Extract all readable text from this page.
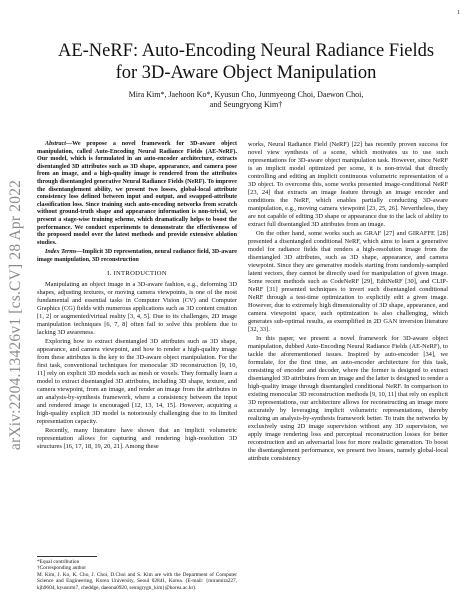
1
arXiv:2204.13426v1 [cs.CV] 28 Apr 2022
AE-NeRF: Auto-Encoding Neural Radiance Fields
for 3D-Aware Object Manipulation
Mira Kim*, Jaehoon Ko*, Kyusun Cho, Junmyeong Choi, Daewon Choi,
and Seungryong Kim†

Abstract—We propose a novel framework for 3D-aware object manipulation, called Auto-Encoding Neural Radiance Fields (AE-NeRF). Our model, which is formulated in an auto-encoder architecture, extracts disentangled 3D attributes such as 3D shape, appearance, and camera pose from an image, and a high-quality image is rendered from the attributes through disentangled generative Neural Radiance Fields (NeRF). To improve the disentanglement ability, we present two losses, global-local attribute consistency loss defined between input and output, and swapped-attribute classification loss. Since training such auto-encoding networks from scratch without ground-truth shape and appearance information is non-trivial, we present a stage-wise training scheme, which dramatically helps to boost the performance. We conduct experiments to demonstrate the effectiveness of the proposed model over the latest methods and provide extensive ablation studies.

Index Terms—Implicit 3D representation, neural radiance field, 3D-aware image manipulation, 3D reconstruction

I. INTRODUCTION

Manipulating an object image in a 3D-aware fashion, e.g., deforming 3D shapes, adjusting textures, or moving camera viewpoints, is one of the most fundamental and essential tasks in Computer Vision (CV) and Computer Graphics (CG) fields with numerous applications such as 3D content creation [1, 2] or augmented/virtual reality [3, 4, 5]. Due to its challenges, 2D image manipulation techniques [6, 7, 8] often fail to solve this problem due to lacking 3D awareness.

Exploring how to extract disentangled 3D attributes such as 3D shape, appearance, and camera viewpoint, and how to render a high-quality image from these attributes is the key to the 3D-aware object manipulation. For the first task, conventional techniques for monocular 3D reconstruction [9, 10, 11] rely on explicit 3D models such as mesh or voxels. They formally learn a model to extract disentangled 3D attributes, including 3D shape, texture, and camera viewpoint, from an image, and render an image from the attributes in an analysis-by-synthesis framework, where a consistency between the input and rendered image is encouraged [12, 13, 14, 15]. However, acquiring a high-quality explicit 3D model is notoriously challenging due to its limited representation capacity.

Recently, many literature have shown that an implicit volumetric representation allows for capturing and rendering high-resolution 3D structures [16, 17, 18, 19, 20, 21]. Among these

works, Neural Radiance Field (NeRF) [22] has recently proven success for novel view synthesis of a scene, which motivates us to use such representations for 3D-aware object manipulation task. However, since NeRF is an implicit model optimized per scene, it is non-trivial that directly controlling and editing an implicit continuous volumetric representation of a 3D object. To overcome this, some works presented image-conditional NeRF [23, 24] that extracts an image feature through an image encoder and conditions the NeRF, which enables partially conducting 3D-aware manipulation, e.g., moving camera viewpoint [23, 25, 26]. Nevertheless, they are not capable of editing 3D shape or appearance due to the lack of ability to extract full disentangled 3D attributes from an image.

On the other hand, some works such as GRAF [27] and GIRAFFE [28] presented a disentangled conditional NeRF, which aims to learn a generative model for radiance fields that renders a high-resolution image from the disentangled 3D attributes, such as 3D shape, appearance, and camera viewpoint. Since they are generative models starting from randomly-sampled latent vectors, they cannot be directly used for manipulation of given image. Some recent methods such as CodeNeRF [29], EditNeRF [30], and CLIP-NeRF [31] presented techniques to invert such disentangled conditional NeRF through a test-time optimization to explicitly edit a given image. However, due to extremely high dimensionality of 3D shape, appearance, and camera viewpoint space, such optimization is also challenging, which generates sub-optimal results, as exemplified in 2D GAN inversion literature [32, 33].

In this paper, we present a novel framework for 3D-aware object manipulation, dubbed Auto-Encoding Neural Radiance Fields (AE-NeRF), to tackle the aforementioned issues. Inspired by auto-encoder [34], we formulate, for the first time, an auto-encoder architecture for this task, consisting of encoder and decoder, where the former is designed to extract disentangled 3D attributes from an image and the latter is designed to render a high-quality image through disentangled conditional NeRF. In comparison to existing monocular 3D reconstruction methods [9, 10, 11] that rely on explicit 3D representations, our architecture allows for reconstructing an image more accurately by leveraging implicit volumetric representations, thereby realizing an analysis-by-synthesis framework better. To train the networks by exclusively using 2D image supervision without any 3D supervision, we apply image rendering loss and perceptual reconstruction losses for better reconstruction and an adversarial loss for more realistic generation. To boost the disentanglement performance, we present two losses, namely global-local attribute consistency

*Equal contribution
†Corresponding author
M. Kim, J. Ko, K. Cho, J. Choi, D.Choi and S. Kim are with the Department of Computer Science and Engineering, Korea University, Seoul 02841, Korea. (E-mail: {miramira227, kjh9604, kyusnrm7, cheddge, daeona0920, seungrygn_kim}@korea.ac.kr).
